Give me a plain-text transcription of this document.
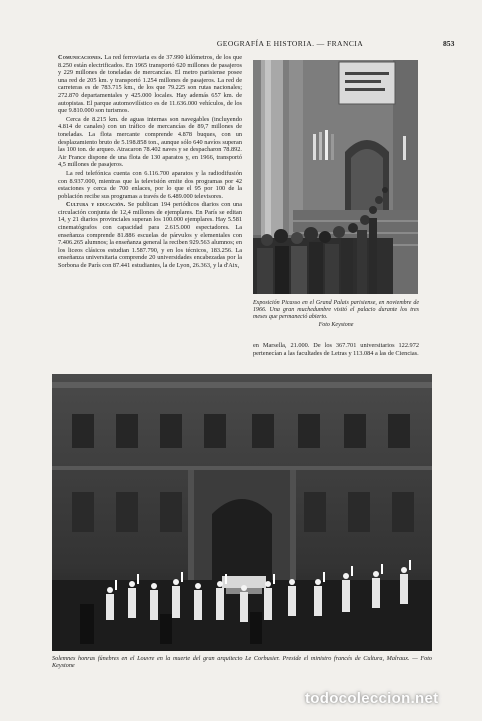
GEOGRAFÍA E HISTORIA. — FRANCIA	853

Comunicaciones. La red ferroviaria es de 37.990 kilómetros, de los que 8.250 están electrificados. En 1965 transportó 620 millones de pasajeros y 229 millones de toneladas de mercancías. El metro parisiense posee una red de 205 km. y transportó 1.254 millones de pasajeros. La red de carreteras es de 783.715 km., de los que 79.225 son rutas nacionales; 272.870 departamentales y 425.000 locales. Hay además 657 km. de autopistas. El parque automovilístico es de 11.636.000 vehículos, de los que 9.810.000 son turismos.

Cerca de 8.215 km. de aguas internas son navegables (incluyendo 4.814 de canales) con un tráfico de mercancías de 89,7 millones de toneladas. La flota mercante comprende 4.878 buques, con un desplazamiento bruto de 5.198.858 ton., aunque sólo 640 navíos superan las 100 ton. de arqueo. Atracaron 78.402 naves y se despacharon 78.892. Air France dispone de una flota de 130 aparatos y, en 1966, transportó 4,5 millones de pasajeros.

La red telefónica cuenta con 6.116.700 aparatos y la radiodifusión con 8.937.000, mientras que la televisión emite dos programas por 42 estaciones y cerca de 700 enlaces, por lo que el 95 por 100 de la población recibe sus programas a través de 6.489.000 televisores.

Cultura y educación. Se publican 194 periódicos diarios con una circulación conjunta de 12,4 millones de ejemplares. En París se editan 14, y 21 diarios provinciales superan los 100.000 ejemplares. Hay 5.581 cinematógrafos con capacidad para 2.615.000 espectadores. La enseñanza comprende 81.886 escuelas de párvulos y elementales con 7.406.265 alumnos; la enseñanza general la reciben 929.563 alumnos; en los liceos clásicos estudian 1.587.790, y en los técnicos, 183.256. La enseñanza universitaria comprende 20 universidades encabezadas por la Sorbona de París con 87.441 estudiantes, la de Lyon, 26.363, y la d'Aix,

Exposición Picasso en el Grand Palais parisiense, en noviembre de 1966. Una gran muchedumbre visitó el palacio durante los tres meses que permaneció abierto.
Foto Keystone
en Marsella, 21.000. De los 367.701 universitarios 122.972 pertenecían a las facultades de Letras y 113.084 a las de Ciencias.
Solemnes honras fúnebres en el Louvre en la muerte del gran arquitecto Le Corbusier. Preside el ministro francés de Cultura, Malraux. — Foto Keystone
todocoleccion.net
